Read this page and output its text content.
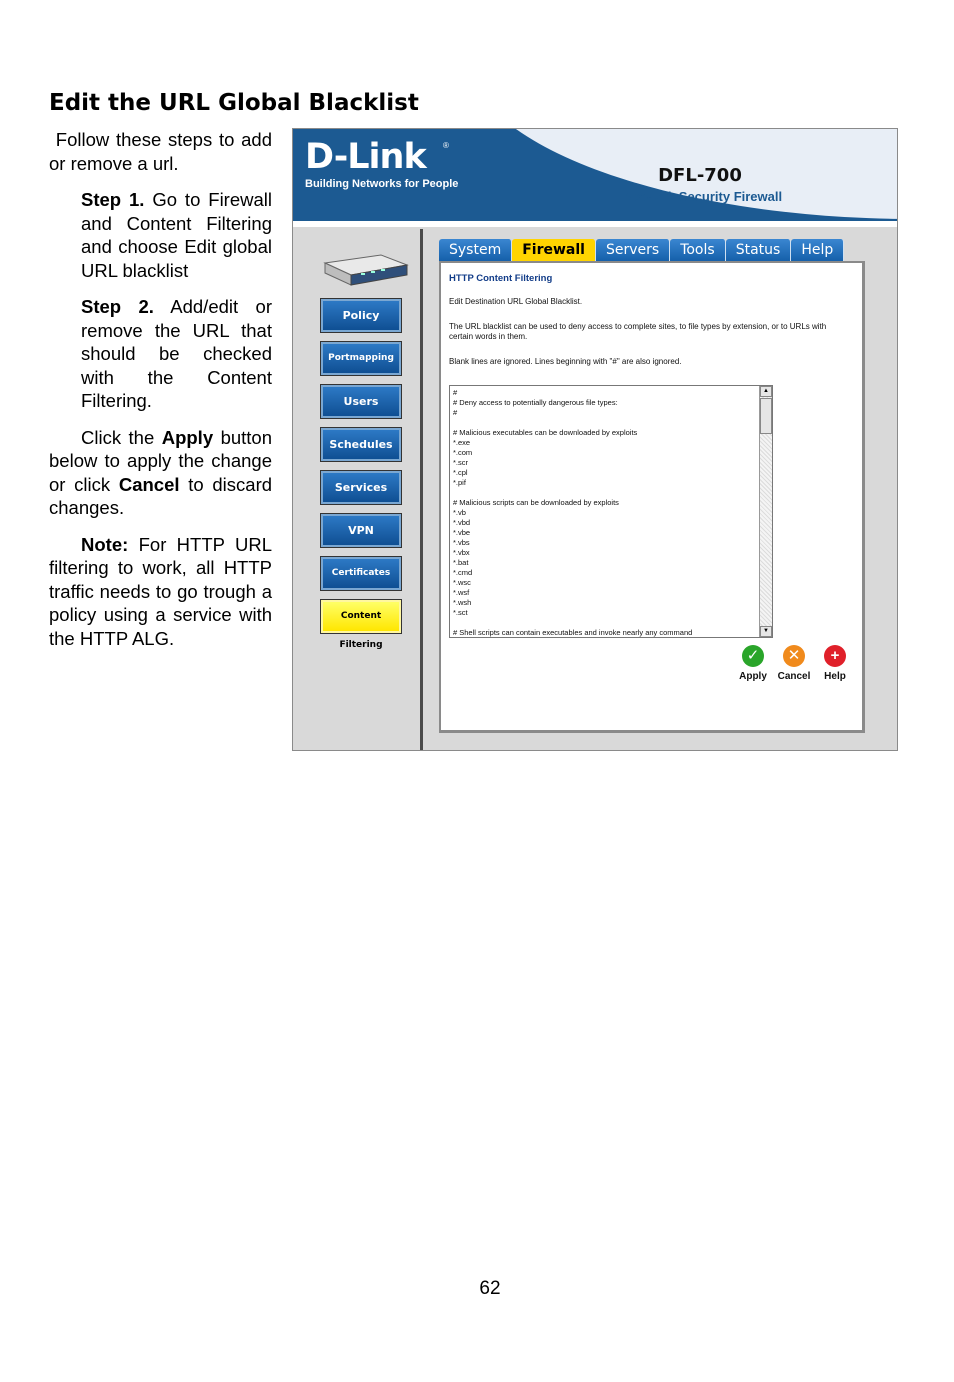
Edit the URL Global Blacklist

Follow these steps to add or remove a url.

Step 1. Go to Firewall and Content Filtering and choose Edit global URL blacklist

Step 2. Add/edit or remove the URL that should be checked with the Content Filtering.

Click the Apply button below to apply the change or click Cancel to discard changes.

Note: For HTTP URL filtering to work, all HTTP traffic needs to go trough a policy using a service with the HTTP ALG.

D-Link ®
Building Networks for People	DFL-700
Network Security Firewall
Policy
Portmapping
Users
Schedules
Services
VPN
Certificates
Content Filtering
System	Firewall	Servers	Tools	Status	Help
HTTP Content Filtering
Edit Destination URL Global Blacklist.
The URL blacklist can be used to deny access to complete sites, to file types by extension, or to URLs with certain words in them.
Blank lines are ignored. Lines beginning with "#" are also ignored.
#
# Deny access to potentially dangerous file types:
#

# Malicious executables can be downloaded by exploits
*.exe
*.com
*.scr
*.cpl
*.pif

# Malicious scripts can be downloaded by exploits
*.vb
*.vbd
*.vbe
*.vbs
*.vbx
*.bat
*.cmd
*.wsc
*.wsf
*.wsh
*.sct

# Shell scripts can contain executables and invoke nearly any command
▲
▼
✓
Apply
✕
Cancel
+
Help
62
